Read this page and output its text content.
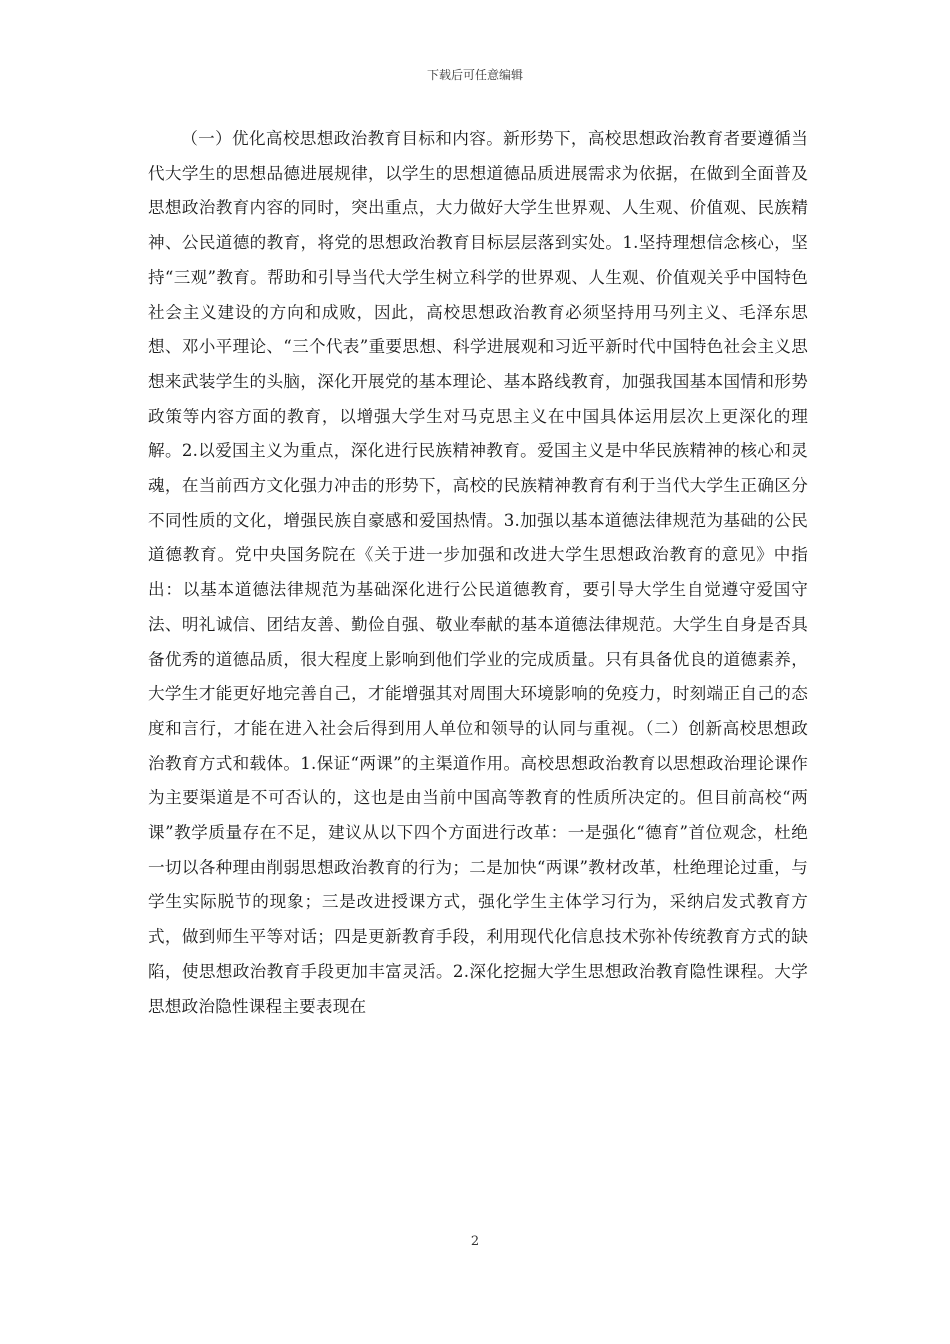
下载后可任意编辑

（一）优化高校思想政治教育目标和内容。新形势下，高校思想政治教育者要遵循当代大学生的思想品德进展规律，以学生的思想道德品质进展需求为依据，在做到全面普及思想政治教育内容的同时，突出重点，大力做好大学生世界观、人生观、价值观、民族精神、公民道德的教育，将党的思想政治教育目标层层落到实处。1.坚持理想信念核心，坚持“三观”教育。帮助和引导当代大学生树立科学的世界观、人生观、价值观关乎中国特色社会主义建设的方向和成败，因此，高校思想政治教育必须坚持用马列主义、毛泽东思想、邓小平理论、“三个代表”重要思想、科学进展观和习近平新时代中国特色社会主义思想来武装学生的头脑，深化开展党的基本理论、基本路线教育，加强我国基本国情和形势政策等内容方面的教育，以增强大学生对马克思主义在中国具体运用层次上更深化的理解。2.以爱国主义为重点，深化进行民族精神教育。爱国主义是中华民族精神的核心和灵魂，在当前西方文化强力冲击的形势下，高校的民族精神教育有利于当代大学生正确区分不同性质的文化，增强民族自豪感和爱国热情。3.加强以基本道德法律规范为基础的公民道德教育。党中央国务院在《关于进一步加强和改进大学生思想政治教育的意见》中指出：以基本道德法律规范为基础深化进行公民道德教育，要引导大学生自觉遵守爱国守法、明礼诚信、团结友善、勤俭自强、敬业奉献的基本道德法律规范。大学生自身是否具备优秀的道德品质，很大程度上影响到他们学业的完成质量。只有具备优良的道德素养，大学生才能更好地完善自己，才能增强其对周围大环境影响的免疫力，时刻端正自己的态度和言行，才能在进入社会后得到用人单位和领导的认同与重视。（二）创新高校思想政治教育方式和载体。1.保证“两课”的主渠道作用。高校思想政治教育以思想政治理论课作为主要渠道是不可否认的，这也是由当前中国高等教育的性质所决定的。但目前高校“两课”教学质量存在不足，建议从以下四个方面进行改革：一是强化“德育”首位观念，杜绝一切以各种理由削弱思想政治教育的行为；二是加快“两课”教材改革，杜绝理论过重，与学生实际脱节的现象；三是改进授课方式，强化学生主体学习行为，采纳启发式教育方式，做到师生平等对话；四是更新教育手段，利用现代化信息技术弥补传统教育方式的缺陷，使思想政治教育手段更加丰富灵活。2.深化挖掘大学生思想政治教育隐性课程。大学思想政治隐性课程主要表现在

2
